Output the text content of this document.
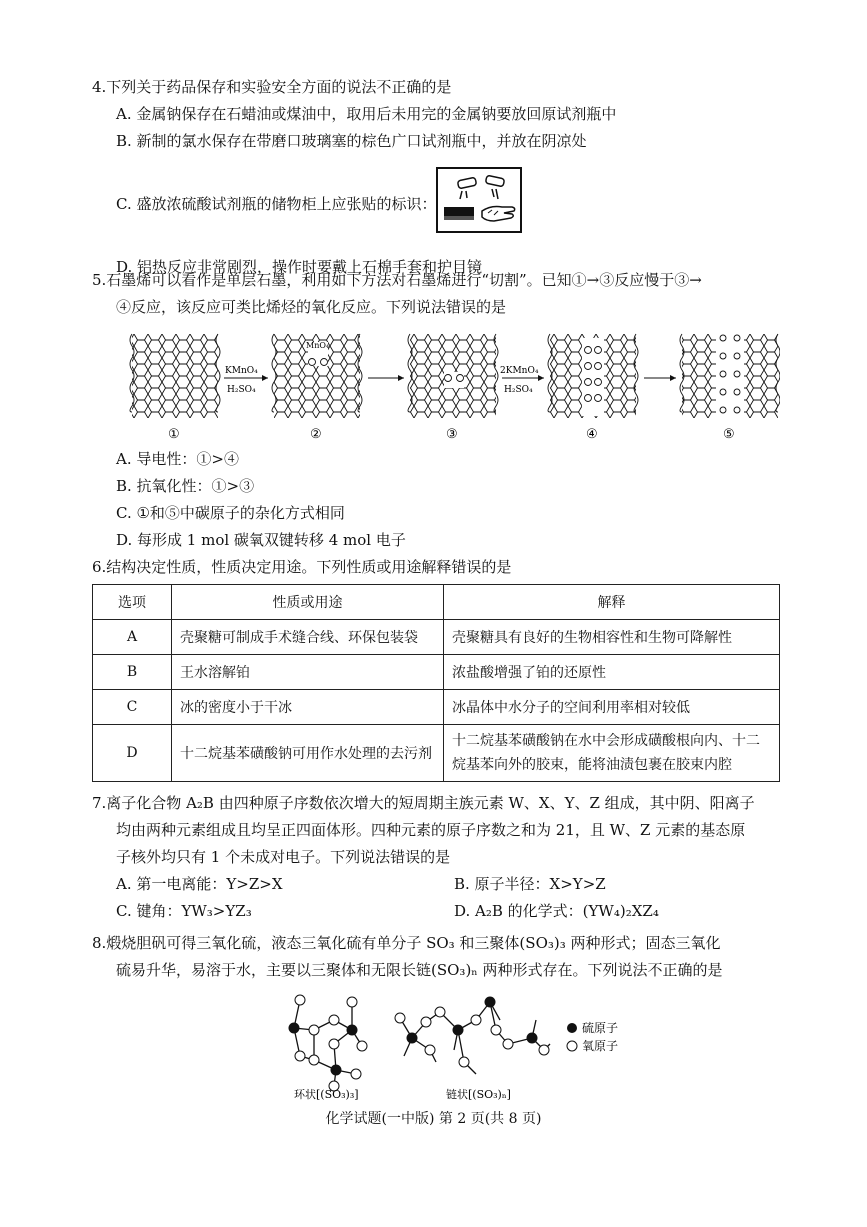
4.下列关于药品保存和实验安全方面的说法不正确的是
A. 金属钠保存在石蜡油或煤油中，取用后未用完的金属钠要放回原试剂瓶中
B. 新制的氯水保存在带磨口玻璃塞的棕色广口试剂瓶中，并放在阴凉处
C. 盛放浓硫酸试剂瓶的储物柜上应张贴的标识：
D. 铝热反应非常剧烈，操作时要戴上石棉手套和护目镜
5.石墨烯可以看作是单层石墨，利用如下方法对石墨烯进行“切割”。已知①→③反应慢于③→
④反应，该反应可类比烯烃的氧化反应。下列说法错误的是
KMnO₄
H₂SO₄
MnO₄
2KMnO₄
H₂SO₄
①	②	③	④	⑤
A. 导电性：①>④
B. 抗氧化性：①>③
C. ①和⑤中碳原子的杂化方式相同
D. 每形成 1 mol 碳氧双键转移 4 mol 电子
6.结构决定性质，性质决定用途。下列性质或用途解释错误的是
选项	性质或用途	解释
A	壳聚糖可制成手术缝合线、环保包装袋	壳聚糖具有良好的生物相容性和生物可降解性
B	王水溶解铂	浓盐酸增强了铂的还原性
C	冰的密度小于干冰	冰晶体中水分子的空间利用率相对较低
D	十二烷基苯磺酸钠可用作水处理的去污剂	十二烷基苯磺酸钠在水中会形成磺酸根向内、十二烷基苯向外的胶束，能将油渍包裹在胶束内腔
7.离子化合物 A₂B 由四种原子序数依次增大的短周期主族元素 W、X、Y、Z 组成，其中阴、阳离子
均由两种元素组成且均呈正四面体形。四种元素的原子序数之和为 21，且 W、Z 元素的基态原
子核外均只有 1 个未成对电子。下列说法错误的是
A. 第一电离能：Y>Z>X	B. 原子半径：X>Y>Z
C. 键角：YW₃>YZ₃	D. A₂B 的化学式：(YW₄)₂XZ₄
8.煅烧胆矾可得三氧化硫，液态三氧化硫有单分子 SO₃ 和三聚体(SO₃)₃ 两种形式；固态三氧化
硫易升华，易溶于水，主要以三聚体和无限长链(SO₃)ₙ 两种形式存在。下列说法不正确的是
硫原子
氧原子
环状[(SO₃)₃]	链状[(SO₃)ₙ]
化学试题(一中版) 第 2 页(共 8 页)
